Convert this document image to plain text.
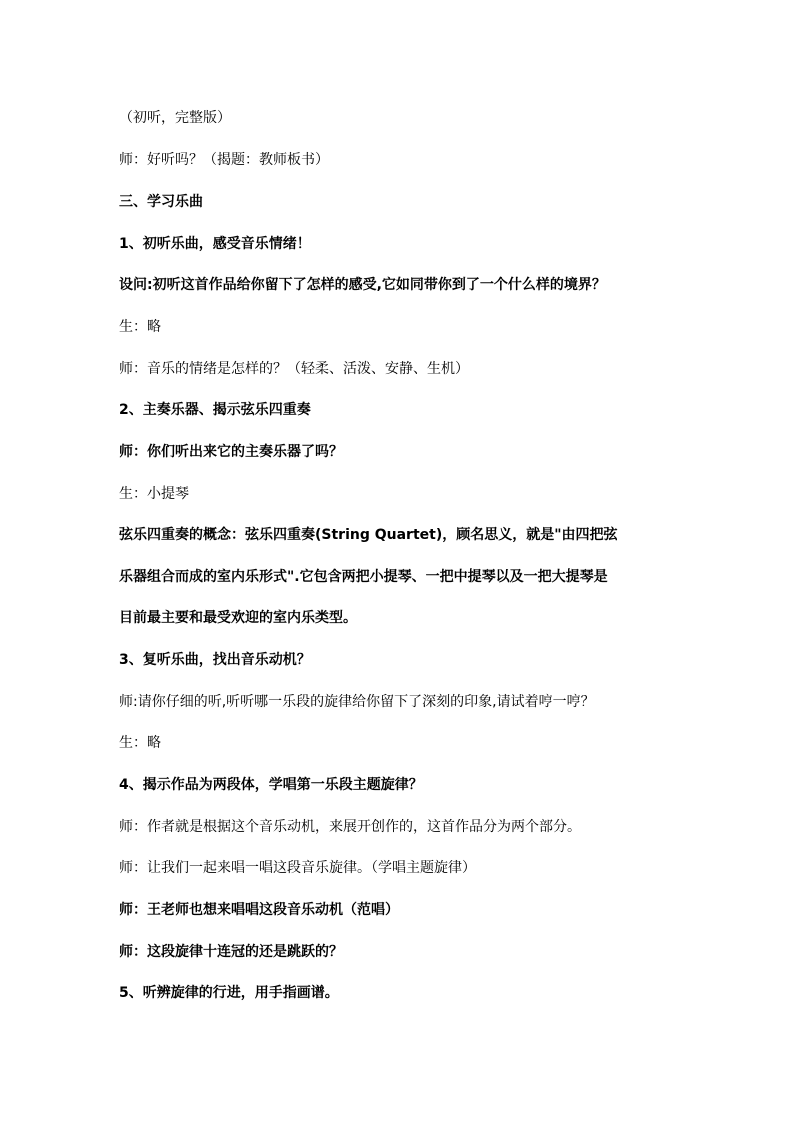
（初听，完整版）
师：好听吗？（揭题：教师板书）
三、学习乐曲
1、初听乐曲，感受音乐情绪！
设问:初听这首作品给你留下了怎样的感受,它如同带你到了一个什么样的境界？
生：略
师：音乐的情绪是怎样的？（轻柔、活泼、安静、生机）
2、主奏乐器、揭示弦乐四重奏
师：你们听出来它的主奏乐器了吗？
生：小提琴
弦乐四重奏的概念：弦乐四重奏(String Quartet)，顾名思义，就是"由四把弦
乐器组合而成的室内乐形式".它包含两把小提琴、一把中提琴以及一把大提琴是
目前最主要和最受欢迎的室内乐类型。
3、复听乐曲，找出音乐动机？
师:请你仔细的听,听听哪一乐段的旋律给你留下了深刻的印象,请试着哼一哼？
生：略
4、揭示作品为两段体，学唱第一乐段主题旋律？
师：作者就是根据这个音乐动机，来展开创作的，这首作品分为两个部分。
师：让我们一起来唱一唱这段音乐旋律。（学唱主题旋律）
师：王老师也想来唱唱这段音乐动机（范唱）
师：这段旋律十连冠的还是跳跃的？
5、听辨旋律的行进，用手指画谱。
